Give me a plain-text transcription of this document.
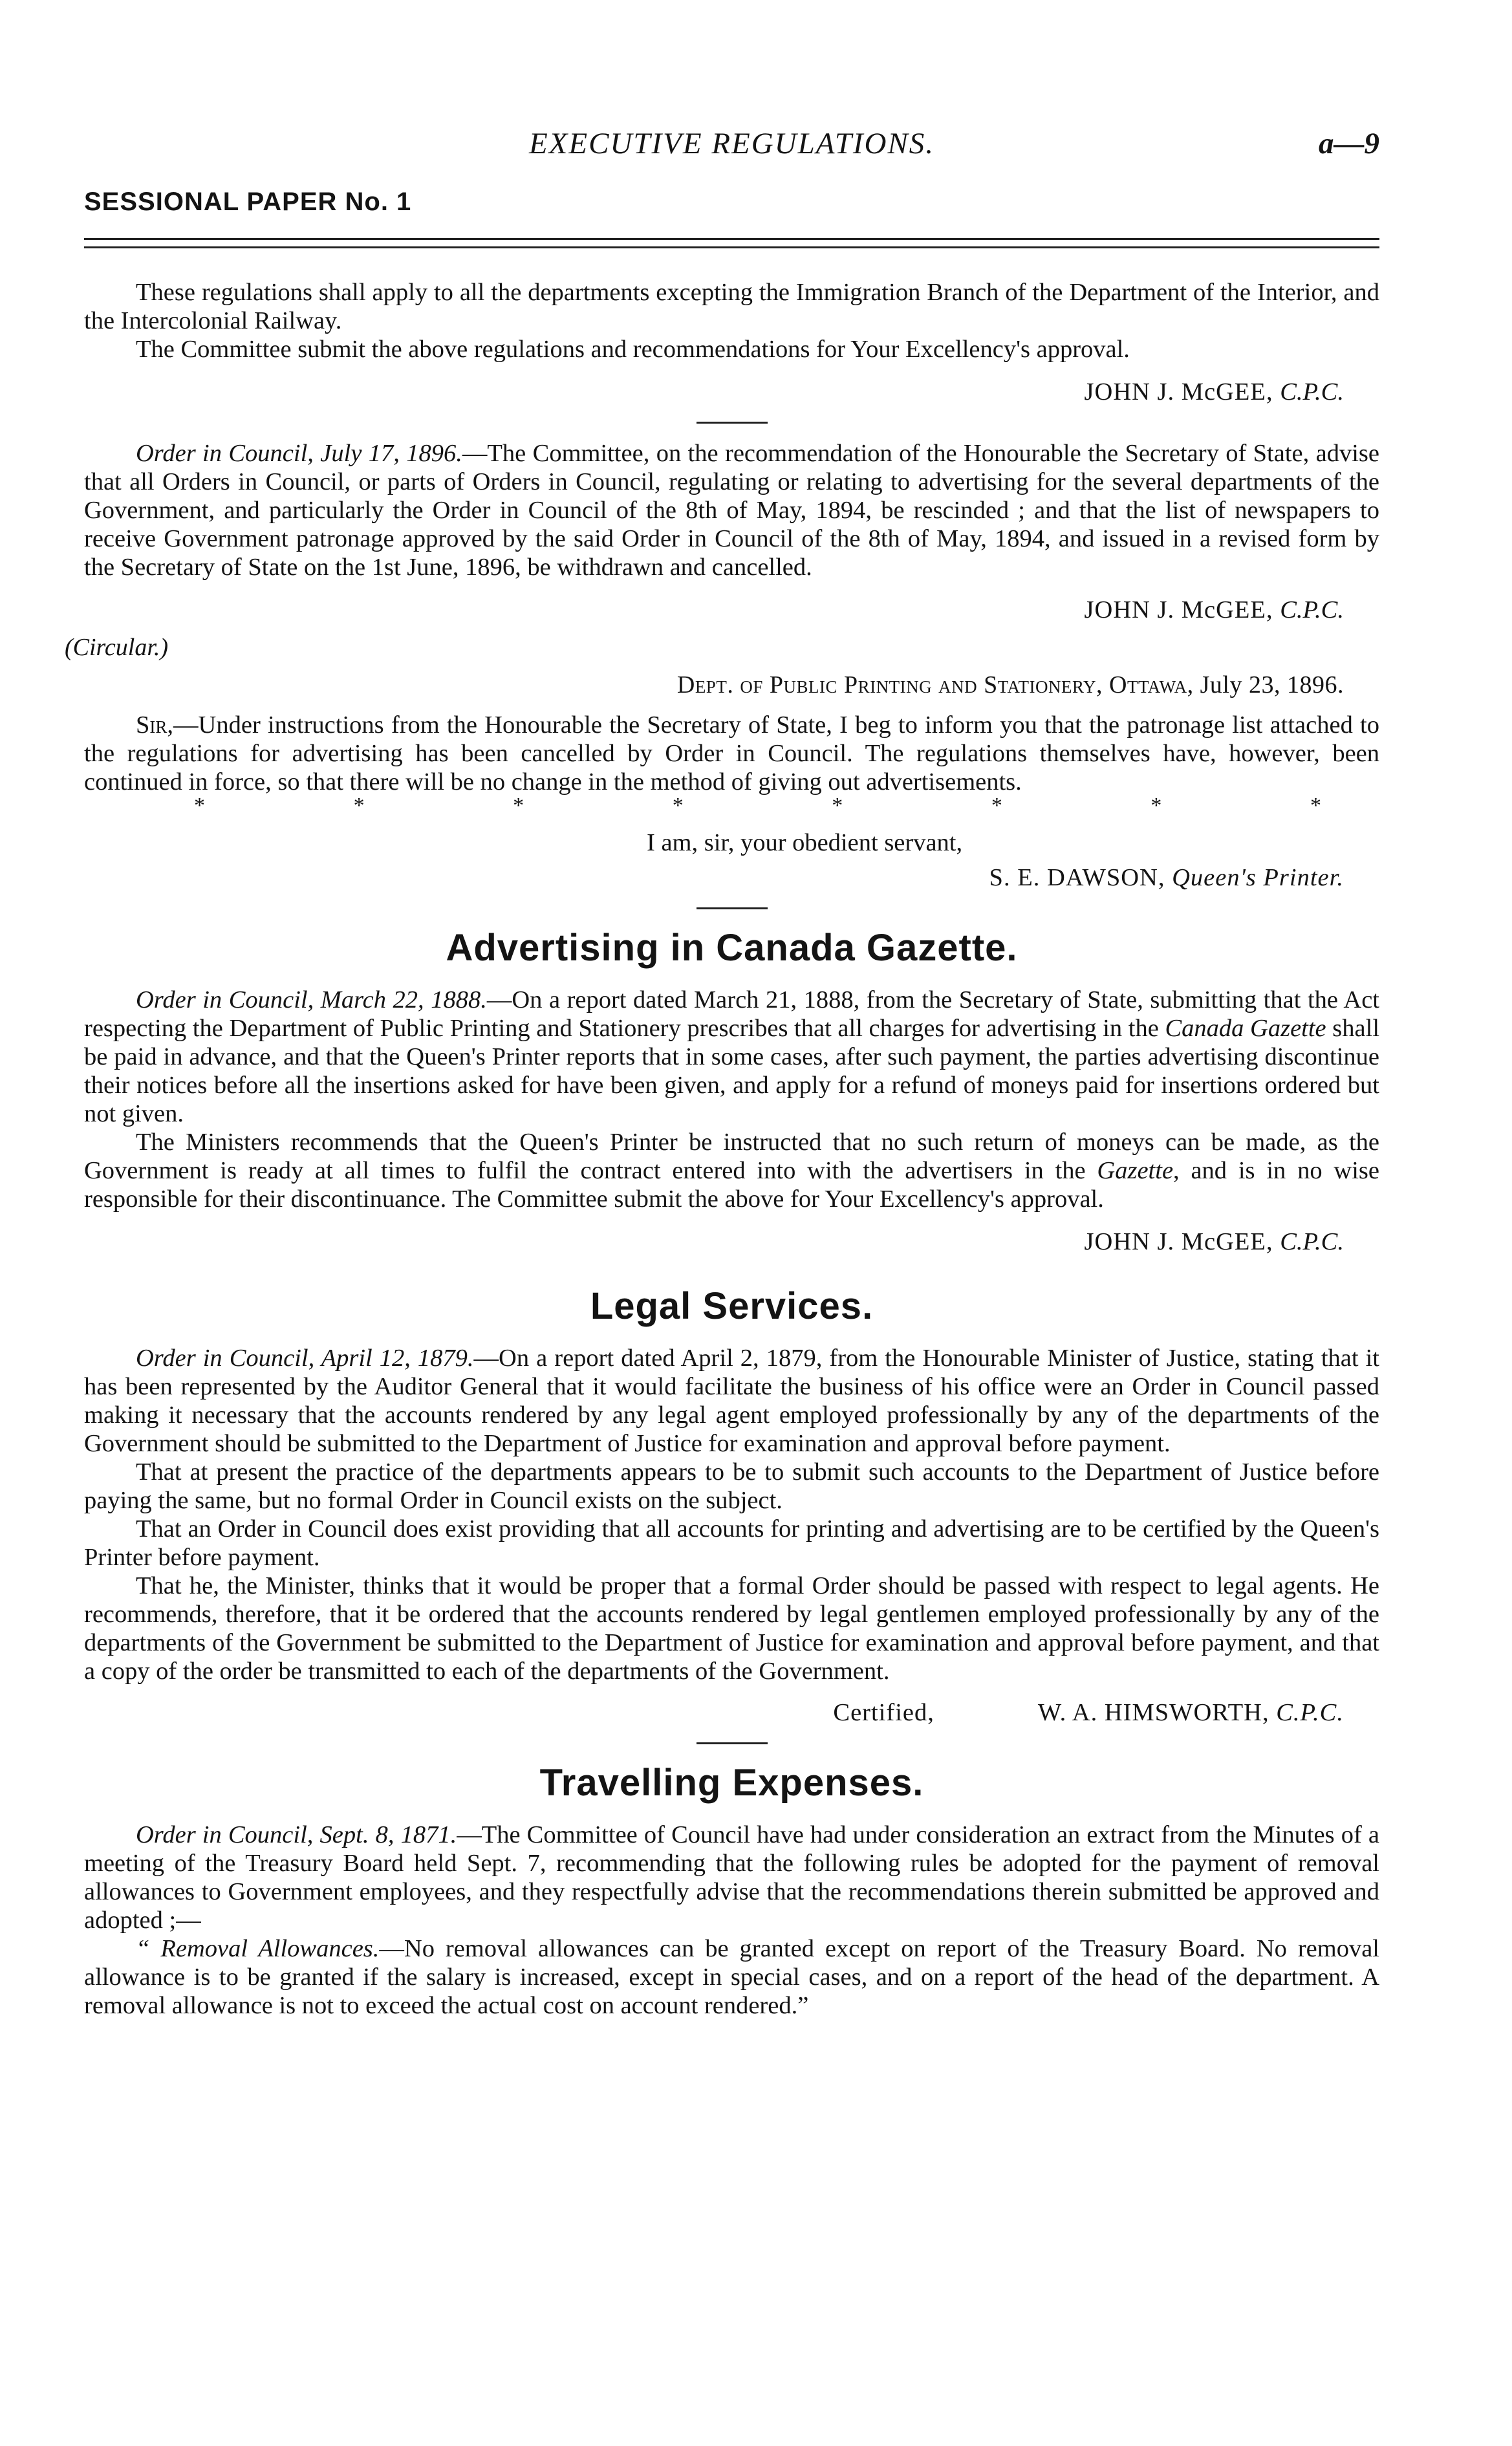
EXECUTIVE REGULATIONS.	a—9
SESSIONAL PAPER No. 1

These regulations shall apply to all the departments excepting the Immigration Branch of the Department of the Interior, and the Intercolonial Railway.

The Committee submit the above regulations and recommendations for Your Excellency's approval.

JOHN J. McGEE, C.P.C.

Order in Council, July 17, 1896.—The Committee, on the recommendation of the Honourable the Secretary of State, advise that all Orders in Council, or parts of Orders in Council, regulating or relating to advertising for the several departments of the Government, and particularly the Order in Council of the 8th of May, 1894, be rescinded ; and that the list of newspapers to receive Government patronage approved by the said Order in Council of the 8th of May, 1894, and issued in a revised form by the Secretary of State on the 1st June, 1896, be withdrawn and cancelled.

JOHN J. McGEE, C.P.C.

(Circular.)
Dept. of Public Printing and Stationery, Ottawa, July 23, 1896.

Sir,—Under instructions from the Honourable the Secretary of State, I beg to inform you that the patronage list attached to the regulations for advertising has been cancelled by Order in Council. The regulations themselves have, however, been continued in force, so that there will be no change in the method of giving out advertisements.

*	*	*	*	*	*	*	*

I am, sir, your obedient servant,

S. E. DAWSON, Queen's Printer.

Advertising in Canada Gazette.

Order in Council, March 22, 1888.—On a report dated March 21, 1888, from the Secretary of State, submitting that the Act respecting the Department of Public Printing and Stationery prescribes that all charges for advertising in the Canada Gazette shall be paid in advance, and that the Queen's Printer reports that in some cases, after such payment, the parties advertising discontinue their notices before all the insertions asked for have been given, and apply for a refund of moneys paid for insertions ordered but not given.

The Ministers recommends that the Queen's Printer be instructed that no such return of moneys can be made, as the Government is ready at all times to fulfil the contract entered into with the advertisers in the Gazette, and is in no wise responsible for their discontinuance. The Committee submit the above for Your Excellency's approval.

JOHN J. McGEE, C.P.C.

Legal Services.

Order in Council, April 12, 1879.—On a report dated April 2, 1879, from the Honourable Minister of Justice, stating that it has been represented by the Auditor General that it would facilitate the business of his office were an Order in Council passed making it necessary that the accounts rendered by any legal agent employed professionally by any of the departments of the Government should be submitted to the Department of Justice for examination and approval before payment.

That at present the practice of the departments appears to be to submit such accounts to the Department of Justice before paying the same, but no formal Order in Council exists on the subject.

That an Order in Council does exist providing that all accounts for printing and advertising are to be certified by the Queen's Printer before payment.

That he, the Minister, thinks that it would be proper that a formal Order should be passed with respect to legal agents. He recommends, therefore, that it be ordered that the accounts rendered by legal gentlemen employed professionally by any of the departments of the Government be submitted to the Department of Justice for examination and approval before payment, and that a copy of the order be transmitted to each of the departments of the Government.

Certified,	W. A. HIMSWORTH, C.P.C.
Travelling Expenses.

Order in Council, Sept. 8, 1871.—The Committee of Council have had under consideration an extract from the Minutes of a meeting of the Treasury Board held Sept. 7, recommending that the following rules be adopted for the payment of removal allowances to Government employees, and they respectfully advise that the recommendations therein submitted be approved and adopted ;—

“ Removal Allowances.—No removal allowances can be granted except on report of the Treasury Board. No removal allowance is to be granted if the salary is increased, except in special cases, and on a report of the head of the department. A removal allowance is not to exceed the actual cost on account rendered.”
